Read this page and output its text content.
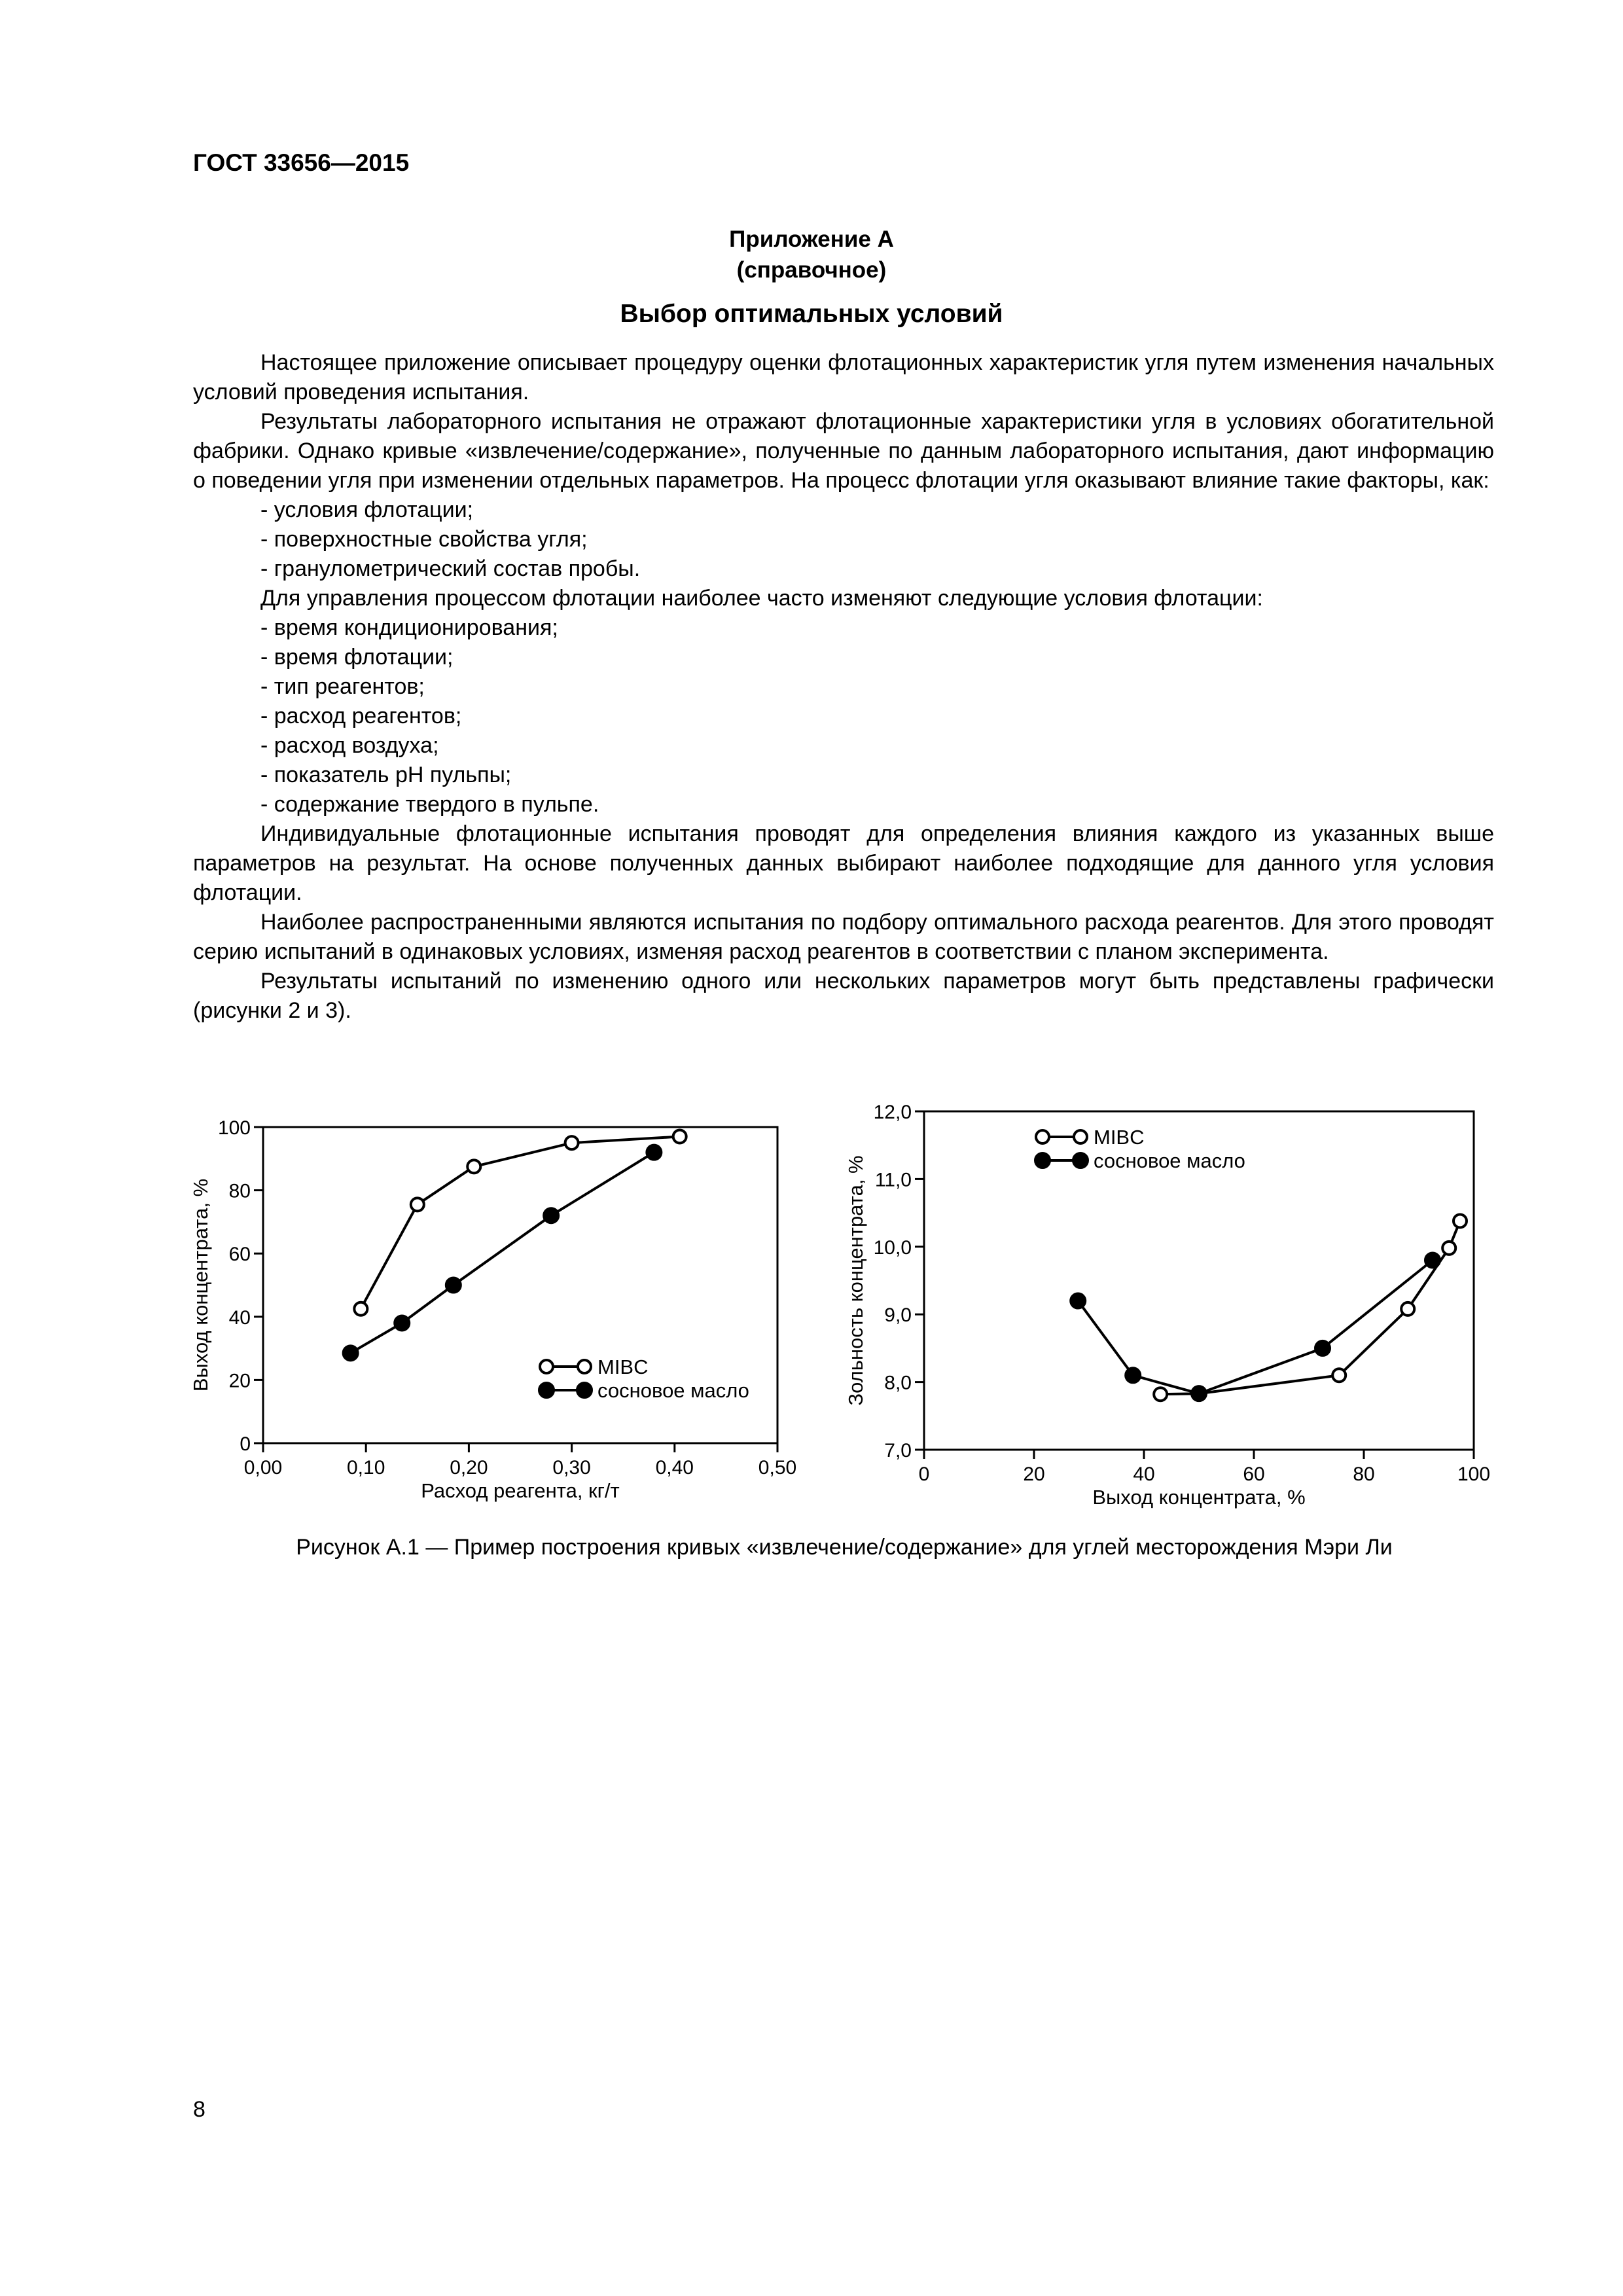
ГОСТ 33656—2015
Приложение А
(справочное)
Выбор оптимальных условий

Настоящее приложение описывает процедуру оценки флотационных характеристик угля путем изменения начальных условий проведения испытания.

Результаты лабораторного испытания не отражают флотационные характеристики угля в условиях обогатительной фабрики. Однако кривые «извлечение/содержание», полученные по данным лабораторного испытания, дают информацию о поведении угля при изменении отдельных параметров. На процесс флотации угля оказывают влияние такие факторы, как:

- условия флотации;

- поверхностные свойства угля;

- гранулометрический состав пробы.

Для управления процессом флотации наиболее часто изменяют следующие условия флотации:

- время кондиционирования;

- время флотации;

- тип реагентов;

- расход реагентов;

- расход воздуха;

- показатель pH пульпы;

- содержание твердого в пульпе.

Индивидуальные флотационные испытания проводят для определения влияния каждого из указанных выше параметров на результат. На основе полученных данных выбирают наиболее подходящие для данного угля условия флотации.

Наиболее распространенными являются испытания по подбору оптимального расхода реагентов. Для этого проводят серию испытаний в одинаковых условиях, изменяя расход реагентов в соответствии с планом эксперимента.

Результаты испытаний по изменению одного или нескольких параметров могут быть представлены графически (рисунки 2 и 3).

0,00	0,10	0,20	0,30	0,40	0,50
0
20
40
60
80
100
Расход реагента, кг/т
Выход концентрата, %	MIBC
сосновое масло
0	20	40	60	80	100
7,0
8,0
9,0
10,0
11,0
12,0
Выход концентрата, %
Зольность концентрата, %
MIBC
сосновое масло
Рисунок А.1 — Пример построения кривых «извлечение/содержание» для углей месторождения Мэри Ли
8
